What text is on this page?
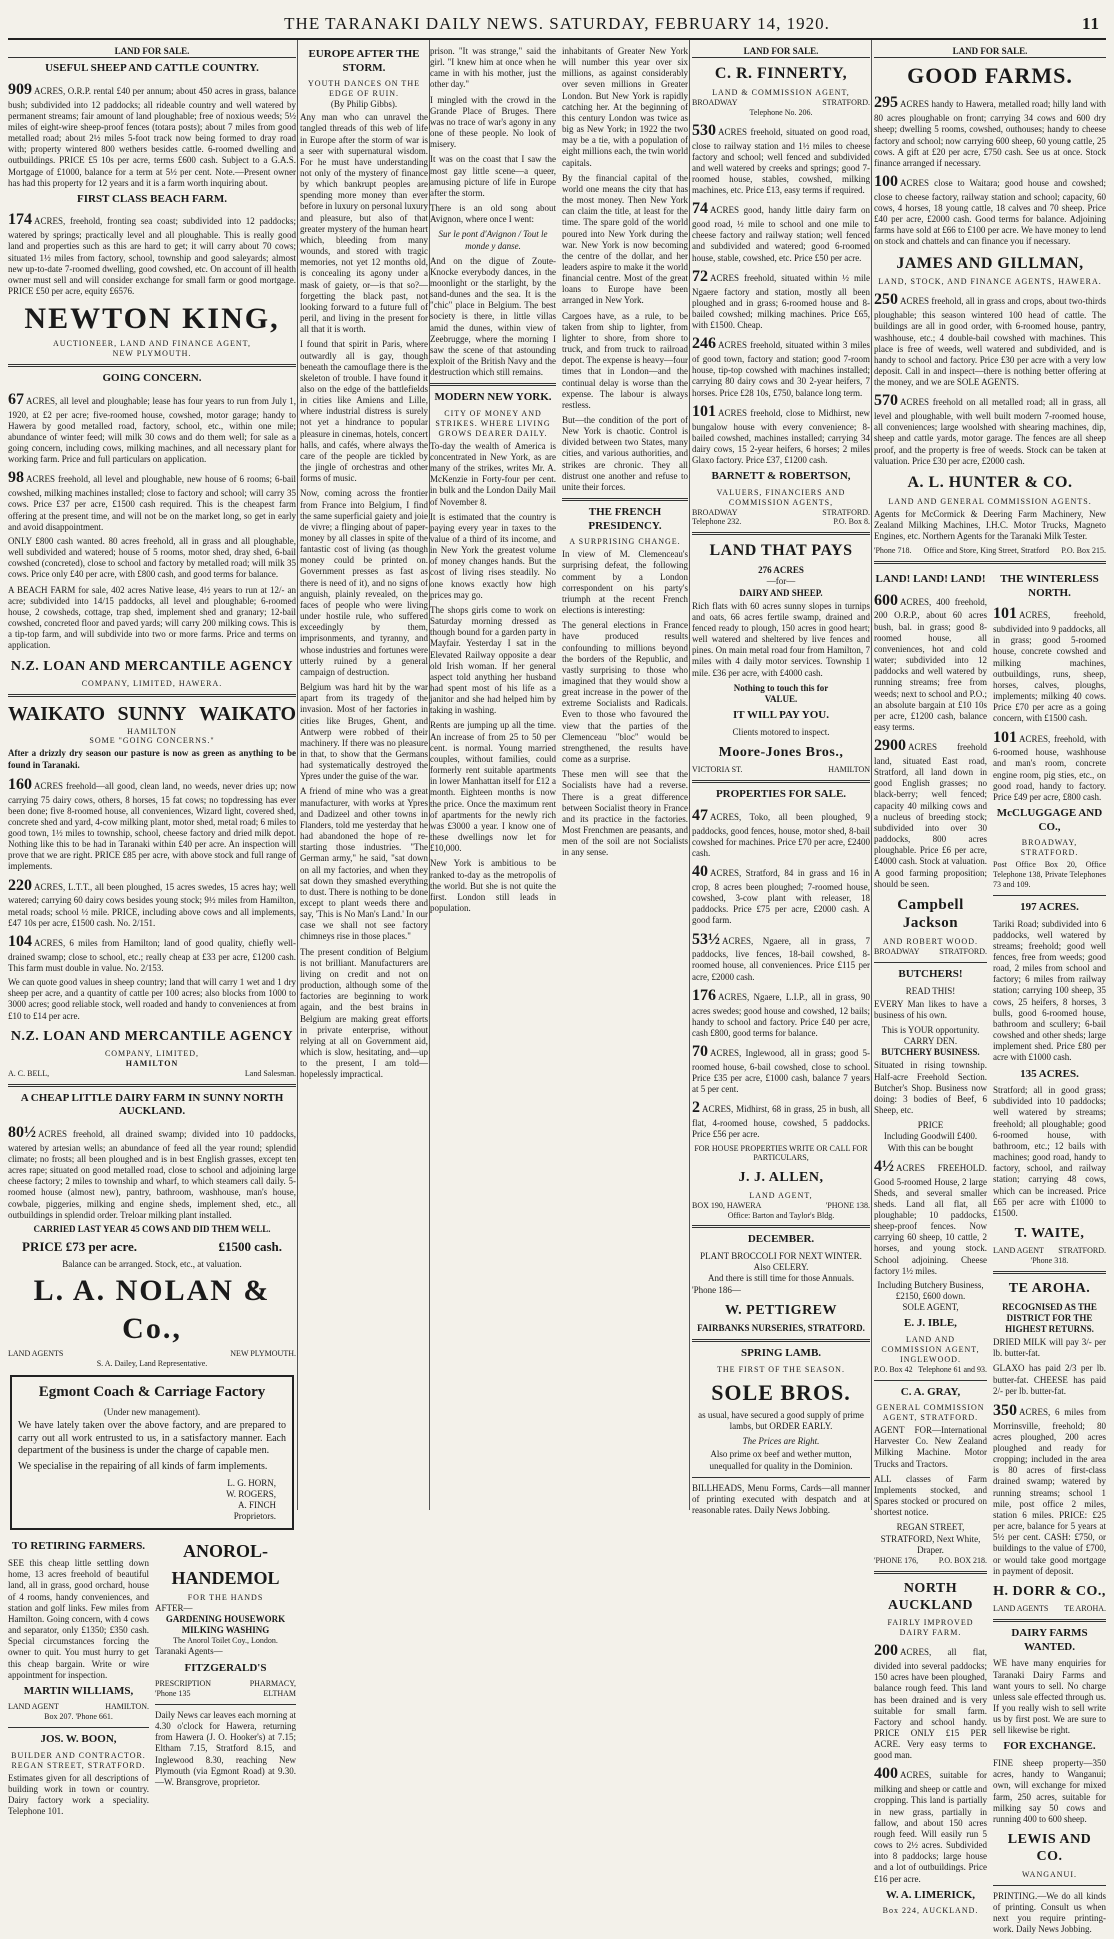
THE TARANAKI DAILY NEWS. SATURDAY, FEBRUARY 14, 1920.	11
LAND FOR SALE.
USEFUL SHEEP AND CATTLE COUNTRY.
909 ACRES, O.R.P. rental £40 per annum; about 450 acres in grass, balance bush; subdivided into 12 paddocks; all rideable country and well watered by permanent streams; fair amount of land ploughable; free of noxious weeds; 5½ miles of eight-wire sheep-proof fences (totara posts); about 7 miles from good metalled road; about 2½ miles 5-foot track now being formed to dray road with; property wintered 800 wethers besides cattle. 6-roomed dwelling and outbuildings. PRICE £5 10s per acre, terms £600 cash. Subject to a G.A.S. Mortgage of £1000, balance for a term at 5½ per cent. Note.—Present owner has had this property for 12 years and it is a farm worth inquiring about.
FIRST CLASS BEACH FARM.
174 ACRES, freehold, fronting sea coast; subdivided into 12 paddocks; watered by springs; practically level and all ploughable. This is really good land and properties such as this are hard to get; it will carry about 70 cows; situated 1½ miles from factory, school, township and good saleyards; almost new up-to-date 7-roomed dwelling, good cowshed, etc. On account of ill health owner must sell and will consider exchange for small farm or good mortgage. PRICE £50 per acre, equity £6576.
NEWTON KING,
AUCTIONEER, LAND AND FINANCE AGENT,
NEW PLYMOUTH.
GOING CONCERN.
67 ACRES, all level and ploughable; lease has four years to run from July 1, 1920, at £2 per acre; five-roomed house, cowshed, motor garage; handy to Hawera by good metalled road, factory, school, etc., within one mile; abundance of winter feed; will milk 30 cows and do them well; for sale as a going concern, including cows, milking machines, and all necessary plant for working farm. Price and full particulars on application.
98 ACRES freehold, all level and ploughable, new house of 6 rooms; 6-bail cowshed, milking machines installed; close to factory and school; will carry 35 cows. Price £37 per acre, £1500 cash required. This is the cheapest farm offering at the present time, and will not be on the market long, so get in early and avoid disappointment.

ONLY £800 cash wanted. 80 acres freehold, all in grass and all ploughable, well subdivided and watered; house of 5 rooms, motor shed, dray shed, 6-bail cowshed (concreted), close to school and factory by metalled road; will milk 35 cows. Price only £40 per acre, with £800 cash, and good terms for balance.

A BEACH FARM for sale, 402 acres Native lease, 4½ years to run at 12/- an acre; subdivided into 14/15 paddocks, all level and ploughable; 6-roomed house, 2 cowsheds, cottage, trap shed, implement shed and granary; 12-bail cowshed, concreted floor and paved yards; will carry 200 milking cows. This is a tip-top farm, and will subdivide into two or more farms. Price and terms on application.

N.Z. LOAN AND MERCANTILE AGENCY
COMPANY, LIMITED, HAWERA.
WAIKATO SUNNY WAIKATO
HAMILTON
SOME "GOING CONCERNS."

After a drizzly dry season our pasture is now as green as anything to be found in Taranaki.

160 ACRES freehold—all good, clean land, no weeds, never dries up; now carrying 75 dairy cows, others, 8 horses, 15 fat cows; no topdressing has ever been done; five 8-roomed house, all conveniences, Wizard light, covered shed, concrete shed and yard, 4-cow milking plant, motor shed, metal road; 6 miles to good town, 1½ miles to township, school, cheese factory and dried milk depot. Nothing like this to be had in Taranaki within £40 per acre. An inspection will prove that we are right. PRICE £85 per acre, with above stock and full range of implements.
220 ACRES, L.T.T., all been ploughed, 15 acres swedes, 15 acres hay; well watered; carrying 60 dairy cows besides young stock; 9½ miles from Hamilton, metal roads; school ½ mile. PRICE, including above cows and all implements, £47 10s per acre, £1500 cash. No. 2/151.
104 ACRES, 6 miles from Hamilton; land of good quality, chiefly well-drained swamp; close to school, etc.; really cheap at £33 per acre, £1200 cash. This farm must double in value. No. 2/153.

We can quote good values in sheep country; land that will carry 1 wet and 1 dry sheep per acre, and a quantity of cattle per 100 acres; also blocks from 1000 to 3000 acres; good reliable stock, well roaded and handy to conveniences at from £10 to £14 per acre.

N.Z. LOAN AND MERCANTILE AGENCY
COMPANY, LIMITED,
HAMILTON
A. C. BELL,	Land Salesman.
A CHEAP LITTLE DAIRY FARM IN SUNNY NORTH AUCKLAND.
80½ ACRES freehold, all drained swamp; divided into 10 paddocks, watered by artesian wells; an abundance of feed all the year round; splendid climate; no frosts; all been ploughed and is in best English grasses, except ten acres rape; situated on good metalled road, close to school and adjoining large cheese factory; 2 miles to township and wharf, to which steamers call daily. 5-roomed house (almost new), pantry, bathroom, washhouse, man's house, cowbale, piggeries, milking and engine sheds, implement shed, etc., all outbuildings in splendid order. Treloar milking plant installed.
CARRIED LAST YEAR 45 COWS AND DID THEM WELL.
PRICE £73 per acre.	£1500 cash.
Balance can be arranged. Stock, etc., at valuation.
L. A. NOLAN & Co.,
LAND AGENTS	NEW PLYMOUTH.
S. A. Dailey, Land Representative.
Egmont Coach & Carriage Factory
(Under new management).

We have lately taken over the above factory, and are prepared to carry out all work entrusted to us, in a satisfactory manner. Each department of the business is under the charge of capable men.

We specialise in the repairing of all kinds of farm implements.

L. G. HORN,
W. ROGERS,
A. FINCH
Proprietors.
TO RETIRING FARMERS.

SEE this cheap little settling down home, 13 acres freehold of beautiful land, all in grass, good orchard, house of 4 rooms, handy conveniences, and station and golf links. Few miles from Hamilton. Going concern, with 4 cows and separator, only £1350; £350 cash. Special circumstances forcing the owner to quit. You must hurry to get this cheap bargain. Write or wire appointment for inspection.

MARTIN WILLIAMS,
LAND AGENT	HAMILTON.
Box 207. 'Phone 661.
JOS. W. BOON,
BUILDER AND CONTRACTOR.
REGAN STREET, STRATFORD.

Estimates given for all descriptions of building work in town or country. Dairy factory work a speciality. Telephone 101.

ANOROL-
HANDEMOL
FOR THE HANDS
AFTER—
GARDENING HOUSEWORK MILKING WASHING
The Anorol Toilet Coy., London.
Taranaki Agents—
FITZGERALD'S
PRESCRIPTION	PHARMACY,
'Phone 135	ELTHAM

Daily News car leaves each morning at 4.30 o'clock for Hawera, returning from Hawera (J. O. Hooker's) at 7.15; Eltham 7.15, Stratford 8.15, and Inglewood 8.30, reaching New Plymouth (via Egmont Road) at 9.30.—W. Bransgrove, proprietor.

EUROPE AFTER THE STORM.
YOUTH DANCES ON THE EDGE OF RUIN.
(By Philip Gibbs).

Any man who can unravel the tangled threads of this web of life in Europe after the storm of war is a seer with supernatural wisdom. For he must have understanding not only of the mystery of finance by which bankrupt peoples are spending more money than ever before in luxury on personal luxury and pleasure, but also of that greater mystery of the human heart which, bleeding from many wounds, and stored with tragic memories, not yet 12 months old, is concealing its agony under a mask of gaiety, or—is that so?—forgetting the black past, not looking forward to a future full of peril, and living in the present for all that it is worth.

I found that spirit in Paris, where outwardly all is gay, though beneath the camouflage there is the skeleton of trouble. I have found it also on the edge of the battlefields in cities like Amiens and Lille, where industrial distress is surely not yet a hindrance to popular pleasure in cinemas, hotels, concert halls, and cafés, where always the care of the people are tickled by the jingle of orchestras and other forms of music.

Now, coming across the frontier from France into Belgium, I find the same superficial gaiety and joie de vivre; a flinging about of paper-money by all classes in spite of the fantastic cost of living (as though money could be printed on. Government presses as fast as there is need of it), and no signs of anguish, plainly revealed, on the faces of people who were living under hostile rule, who suffered exceedingly by them, imprisonments, and tyranny, and whose industries and fortunes were utterly ruined by a general campaign of destruction.

Belgium was hard hit by the war apart from its tragedy of the invasion. Most of her factories in cities like Bruges, Ghent, and Antwerp were robbed of their machinery. If there was no pleasure in that, to show that the Germans had systematically destroyed the Ypres under the guise of the war.

A friend of mine who was a great manufacturer, with works at Ypres and Dadizeel and other towns in Flanders, told me yesterday that he had abandoned the hope of re-starting those industries. "The German army," he said, "sat down on all my factories, and when they sat down they smashed everything to dust. There is nothing to be done except to plant weeds there and say, 'This is No Man's Land.' In our case we shall not see factory chimneys rise in those places."

The present condition of Belgium is not brilliant. Manufacturers are living on credit and not on production, although some of the factories are beginning to work again, and the best brains in Belgium are making great efforts in private enterprise, without relying at all on Government aid, which is slow, hesitating, and—up to the present, I am told—hopelessly impractical.

prison. "It was strange," said the girl. "I knew him at once when he came in with his mother, just the other day."

I mingled with the crowd in the Grande Place of Bruges. There was no trace of war's agony in any one of these people. No look of misery.

It was on the coast that I saw the most gay little scene—a queer, amusing picture of life in Europe after the storm.

There is an old song about Avignon, where once I went:

Sur le pont d'Avignon / Tout le monde y danse.

And on the digue of Zoute-Knocke everybody dances, in the moonlight or the starlight, by the sand-dunes and the sea. It is the "chic" place in Belgium. The best society is there, in little villas amid the dunes, within view of Zeebrugge, where the morning I saw the scene of that astounding exploit of the British Navy and the destruction which still remains.

MODERN NEW YORK.
CITY OF MONEY AND STRIKES. WHERE LIVING GROWS DEARER DAILY.

To-day the wealth of America is concentrated in New York, as are many of the strikes, writes Mr. A. McKenzie in Forty-four per cent. in bulk and the London Daily Mail of November 8.

It is estimated that the country is paying every year in taxes to the value of a third of its income, and in New York the greatest volume of money changes hands. But the cost of living rises steadily. No one knows exactly how high prices may go.

The shops girls come to work on Saturday morning dressed as though bound for a garden party in Mayfair. Yesterday I sat in the Elevated Railway opposite a dear old Irish woman. If her general aspect told anything her husband had spent most of his life as a janitor and she had helped him by taking in washing.

Rents are jumping up all the time. An increase of from 25 to 50 per cent. is normal. Young married couples, without families, could formerly rent suitable apartments in lower Manhattan itself for £12 a month. Eighteen months is now the price. Once the maximum rent of apartments for the newly rich was £3000 a year. I know one of these dwellings now let for £10,000.

New York is ambitious to be ranked to-day as the metropolis of the world. But she is not quite the first. London still leads in population.

inhabitants of Greater New York will number this year over six millions, as against considerably over seven millions in Greater London. But New York is rapidly catching her. At the beginning of this century London was twice as big as New York; in 1922 the two may be a tie, with a population of eight millions each, the twin world capitals.

By the financial capital of the world one means the city that has the most money. Then New York can claim the title, at least for the time. The spare gold of the world poured into New York during the war. New York is now becoming the centre of the dollar, and her leaders aspire to make it the world financial centre. Most of the great loans to Europe have been arranged in New York.

Cargoes have, as a rule, to be taken from ship to lighter, from lighter to shore, from shore to truck, and from truck to railroad depot. The expense is heavy—four times that in London—and the continual delay is worse than the expense. The labour is always restless.

But—the condition of the port of New York is chaotic. Control is divided between two States, many cities, and various authorities, and strikes are chronic. They all distrust one another and refuse to unite their forces.

THE FRENCH PRESIDENCY.
A SURPRISING CHANGE.

In view of M. Clemenceau's surprising defeat, the following comment by a London correspondent on his party's triumph at the recent French elections is interesting:

The general elections in France have produced results confounding to millions beyond the borders of the Republic, and vastly surprising to those who imagined that they would show a great increase in the power of the extreme Socialists and Radicals. Even to those who favoured the view that the parties of the Clemenceau "bloc" would be strengthened, the results have come as a surprise.

These men will see that the Socialists have had a reverse. There is a great difference between Socialist theory in France and its practice in the factories. Most Frenchmen are peasants, and men of the soil are not Socialists in any sense.

LAND FOR SALE.
C. R. FINNERTY,
LAND & COMMISSION AGENT,
BROADWAY	STRATFORD.
Telephone No. 206.
530 ACRES freehold, situated on good road, close to railway station and 1½ miles to cheese factory and school; well fenced and subdivided and well watered by creeks and springs; good 7-roomed house, stables, cowshed, milking machines, etc. Price £13, easy terms if required.
74 ACRES good, handy little dairy farm on good road, ½ mile to school and one mile to cheese factory and railway station; well fenced and subdivided and watered; good 6-roomed house, stable, cowshed, etc. Price £50 per acre.
72 ACRES freehold, situated within ½ mile Ngaere factory and station, mostly all been ploughed and in grass; 6-roomed house and 8-bailed cowshed; milking machines. Price £65, with £1500. Cheap.
246 ACRES freehold, situated within 3 miles of good town, factory and station; good 7-room house, tip-top cowshed with machines installed; carrying 80 dairy cows and 30 2-year heifers, 7 horses. Price £28 10s, £750, balance long term.
101 ACRES freehold, close to Midhirst, new bungalow house with every convenience; 8-bailed cowshed, machines installed; carrying 34 dairy cows, 15 2-year heifers, 6 horses; 2 miles Glaxo factory. Price £37, £1200 cash.
BARNETT & ROBERTSON,
VALUERS, FINANCIERS AND COMMISSION AGENTS,
BROADWAY	STRATFORD.
Telephone 232.	P.O. Box 8.
LAND THAT PAYS
276 ACRES
—for—
DAIRY AND SHEEP.

Rich flats with 60 acres sunny slopes in turnips and oats, 66 acres fertile swamp, drained and fenced ready to plough, 150 acres in good heart; well watered and sheltered by live fences and pines. On main metal road four from Hamilton, 7 miles with 4 daily motor services. Township 1 mile. £36 per acre, with £4000 cash.

Nothing to touch this for
VALUE.
IT WILL PAY YOU.
Clients motored to inspect.
Moore-Jones Bros.,
VICTORIA ST.	HAMILTON
PROPERTIES FOR SALE.
47 ACRES, Toko, all been ploughed, 9 paddocks, good fences, house, motor shed, 8-bail cowshed for machines. Price £70 per acre, £2400 cash.
40 ACRES, Stratford, 84 in grass and 16 in crop, 8 acres been ploughed; 7-roomed house, cowshed, 3-cow plant with releaser, 18 paddocks. Price £75 per acre, £2000 cash. A good farm.
53½ ACRES, Ngaere, all in grass, 7 paddocks, live fences, 18-bail cowshed, 8-roomed house, all conveniences. Price £115 per acre, £2000 cash.
176 ACRES, Ngaere, L.I.P., all in grass, 90 acres swedes; good house and cowshed, 12 bails; handy to school and factory. Price £40 per acre, cash £800, good terms for balance.
70 ACRES, Inglewood, all in grass; good 5-roomed house, 6-bail cowshed, close to school. Price £35 per acre, £1000 cash, balance 7 years at 5 per cent.
2 ACRES, Midhirst, 68 in grass, 25 in bush, all flat, 4-roomed house, cowshed, 5 paddocks. Price £56 per acre.
FOR HOUSE PROPERTIES WRITE OR CALL FOR PARTICULARS,
J. J. ALLEN,
LAND AGENT,
BOX 190, HAWERA	'PHONE 138.
Office: Barton and Taylor's Bldg.
DECEMBER.
PLANT BROCCOLI FOR NEXT WINTER.
Also CELERY.
And there is still time for those Annuals.
'Phone 186—
W. PETTIGREW
FAIRBANKS NURSERIES, STRATFORD.
SPRING LAMB.
THE FIRST OF THE SEASON.
SOLE BROS.

as usual, have secured a good supply of prime lambs, but ORDER EARLY.

The Prices are Right.

Also prime ox beef and wether mutton, unequalled for quality in the Dominion.

BILLHEADS, Menu Forms, Cards—all manner of printing executed with despatch and at reasonable rates. Daily News Jobbing.

LAND FOR SALE.
GOOD FARMS.
295 ACRES handy to Hawera, metalled road; hilly land with 80 acres ploughable on front; carrying 34 cows and 600 dry sheep; dwelling 5 rooms, cowshed, outhouses; handy to cheese factory and school; now carrying 600 sheep, 60 young cattle, 25 cows. A gift at £20 per acre, £750 cash. See us at once. Stock finance arranged if necessary.
100 ACRES close to Waitara; good house and cowshed; close to cheese factory, railway station and school; capacity, 60 cows, 4 horses, 18 young cattle, 18 calves and 70 sheep. Price £40 per acre, £2000 cash. Good terms for balance. Adjoining farms have sold at £66 to £100 per acre. We have money to lend on stock and chattels and can finance you if necessary.
JAMES AND GILLMAN,
LAND, STOCK, AND FINANCE AGENTS, HAWERA.
250 ACRES freehold, all in grass and crops, about two-thirds ploughable; this season wintered 100 head of cattle. The buildings are all in good order, with 6-roomed house, pantry, washhouse, etc.; 4 double-bail cowshed with machines. This place is free of weeds, well watered and subdivided, and is handy to school and factory. Price £30 per acre with a very low deposit. Call in and inspect—there is nothing better offering at the money, and we are SOLE AGENTS.
570 ACRES freehold on all metalled road; all in grass, all level and ploughable, with well built modern 7-roomed house, all conveniences; large woolshed with shearing machines, dip, sheep and cattle yards, motor garage. The fences are all sheep proof, and the property is free of weeds. Stock can be taken at valuation. Price £30 per acre, £2000 cash.
A. L. HUNTER & CO.
LAND AND GENERAL COMMISSION AGENTS.

Agents for McCormick & Deering Farm Machinery, New Zealand Milking Machines, I.H.C. Motor Trucks, Magneto Engines, etc. Northern Agents for the Taranaki Milk Tester.

'Phone 718. Office and Store, King Street, Stratford P.O. Box 215.
LAND! LAND! LAND!
600 ACRES, 400 freehold, 200 O.R.P., about 60 acres bush, bal. in grass; good 8-roomed house, all conveniences, hot and cold water; subdivided into 12 paddocks and well watered by running streams; free from weeds; next to school and P.O.; an absolute bargain at £10 10s per acre, £1200 cash, balance easy terms.
2900 ACRES freehold land, situated East road, Stratford, all land down in good English grasses; no black-berry; well fenced; capacity 40 milking cows and a nucleus of breeding stock; subdivided into over 30 paddocks, 800 acres ploughable. Price £6 per acre, £4000 cash. Stock at valuation. A good farming proposition; should be seen.
Campbell Jackson
AND ROBERT WOOD.
BROADWAY STRATFORD.
BUTCHERS!
READ THIS!

EVERY Man likes to have a business of his own.

This is YOUR opportunity.
CARRY DEN.
BUTCHERY BUSINESS.

Situated in rising township. Half-acre Freehold Section. Butcher's Shop. Business now doing: 3 bodies of Beef, 6 Sheep, etc.

PRICE
Including Goodwill £400.
With this can be bought
4½ ACRES FREEHOLD. Good 5-roomed House, 2 large Sheds, and several smaller sheds. Land all flat, all ploughable; 10 paddocks, sheep-proof fences. Now carrying 60 sheep, 10 cattle, 2 horses, and young stock. School adjoining. Cheese factory 1½ miles.
Including Butchery Business, £2150, £600 down.
SOLE AGENT,
E. J. IBLE,
LAND AND COMMISSION AGENT, INGLEWOOD.
P.O. Box 42 Telephone 61 and 93.
C. A. GRAY,
GENERAL COMMISSION AGENT, STRATFORD.

AGENT FOR—International Harvester Co. New Zealand Milking Machine. Motor Trucks and Tractors.

ALL classes of Farm Implements stocked, and Spares stocked or procured on shortest notice.

REGAN STREET, STRATFORD, Next White, Draper.
'PHONE 176,	P.O. BOX 218.
NORTH AUCKLAND
FAIRLY IMPROVED DAIRY FARM.
200 ACRES, all flat, divided into several paddocks; 150 acres have been ploughed, balance rough feed. This land has been drained and is very suitable for small farm. Factory and school handy. PRICE ONLY £15 PER ACRE. Very easy terms to good man.
400 ACRES, suitable for milking and sheep or cattle and cropping. This land is partially in new grass, partially in fallow, and about 150 acres rough feed. Will easily run 5 cows to 2½ acres. Subdivided into 8 paddocks; large house and a lot of outbuildings. Price £16 per acre.
W. A. LIMERICK,
Box 224, AUCKLAND.
THE WINTERLESS NORTH.
101 ACRES, freehold, subdivided into 9 paddocks, all in grass; good 5-roomed house, concrete cowshed and milking machines, outbuildings, runs, sheep, horses, calves, ploughs, implements; milking 40 cows. Price £70 per acre as a going concern, with £1500 cash.
101 ACRES, freehold, with 6-roomed house, washhouse and man's room, concrete engine room, pig sties, etc., on good road, handy to factory. Price £49 per acre, £800 cash.
McCLUGGAGE AND CO.,
BROADWAY, STRATFORD.

Post Office Box 20, Office Telephone 138, Private Telephones 73 and 109.

197 ACRES.

Tariki Road; subdivided into 6 paddocks, well watered by streams; freehold; good well fences, free from weeds; good road, 2 miles from school and factory; 6 miles from railway station; carrying 100 sheep, 35 cows, 25 heifers, 8 horses, 3 bulls, good 6-roomed house, bathroom and scullery; 6-bail cowshed and other sheds; large implement shed. Price £80 per acre with £1000 cash.

135 ACRES.

Stratford; all in good grass; subdivided into 10 paddocks; well watered by streams; freehold; all ploughable; good 6-roomed house, with bathroom, etc.; 12 bails with machines; good road, handy to factory, school, and railway station; carrying 48 cows, which can be increased. Price £65 per acre with £1000 to £1500.

T. WAITE,
LAND AGENT STRATFORD.
'Phone 318.
TE AROHA.
RECOGNISED AS THE DISTRICT FOR THE HIGHEST RETURNS.

DRIED MILK will pay 3/- per lb. butter-fat.

GLAXO has paid 2/3 per lb. butter-fat. CHEESE has paid 2/- per lb. butter-fat.

350 ACRES, 6 miles from Morrinsville, freehold; 80 acres ploughed, 200 acres ploughed and ready for cropping; included in the area is 80 acres of first-class drained swamp; watered by running streams; school 1 mile, post office 2 miles, station 6 miles. PRICE: £25 per acre, balance for 5 years at 5½ per cent. CASH: £750, or buildings to the value of £700, or would take good mortgage in payment of deposit.
H. DORR & CO.,
LAND AGENTS TE AROHA.
DAIRY FARMS WANTED.

WE have many enquiries for Taranaki Dairy Farms and want yours to sell. No charge unless sale effected through us. If you really wish to sell write us by first post. We are sure to sell likewise be right.

FOR EXCHANGE.

FINE sheep property—350 acres, handy to Wanganui; own, will exchange for mixed farm, 250 acres, suitable for milking say 50 cows and running 400 to 600 sheep.

LEWIS AND CO.
WANGANUI.

PRINTING.—We do all kinds of printing. Consult us when next you require printing-work. Daily News Jobbing.
